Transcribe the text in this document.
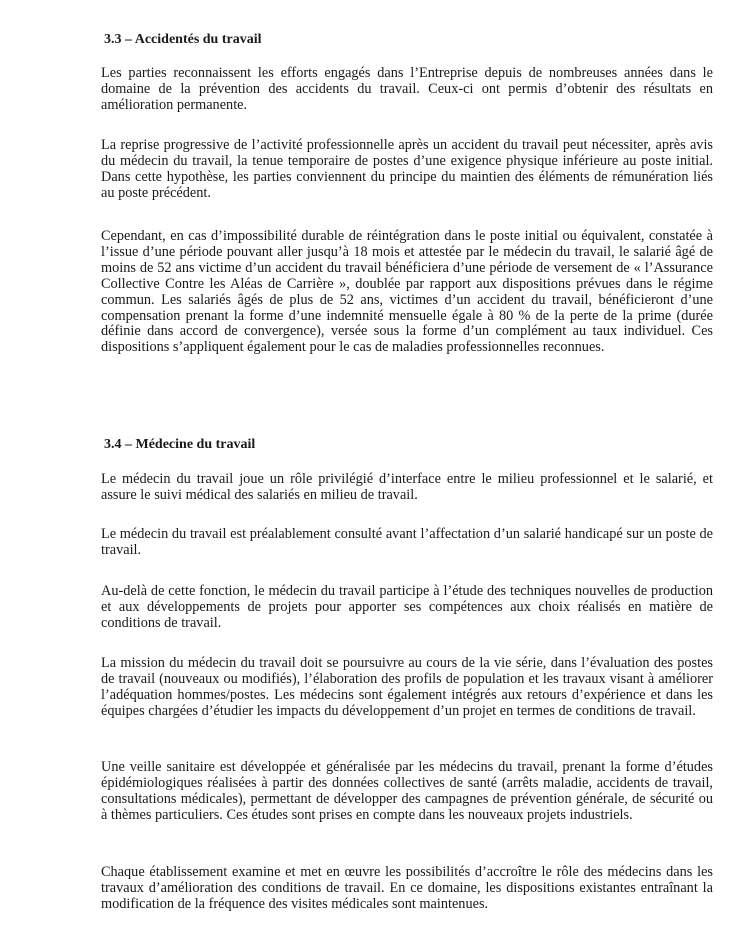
3.3 – Accidentés du travail

Les parties reconnaissent les efforts engagés dans l’Entreprise depuis de nombreuses années dans le domaine de la prévention des accidents du travail. Ceux-ci ont permis d’obtenir des résultats en amélioration permanente.

La reprise progressive de l’activité professionnelle après un accident du travail peut nécessiter, après avis du médecin du travail, la tenue temporaire de postes d’une exigence physique inférieure au poste initial. Dans cette hypothèse, les parties conviennent du principe du maintien des éléments de rémunération liés au poste précédent.

Cependant, en cas d’impossibilité durable de réintégration dans le poste initial ou équivalent, constatée à l’issue d’une période pouvant aller jusqu’à 18 mois et attestée par le médecin du travail, le salarié âgé de moins de 52 ans victime d’un accident du travail bénéficiera d’une période de versement de « l’Assurance Collective Contre les Aléas de Carrière », doublée par rapport aux dispositions prévues dans le régime commun. Les salariés âgés de plus de 52 ans, victimes d’un accident du travail, bénéficieront d’une compensation prenant la forme d’une indemnité mensuelle égale à 80 % de la perte de la prime (durée définie dans accord de convergence), versée sous la forme d’un complément au taux individuel. Ces dispositions s’appliquent également pour le cas de maladies professionnelles reconnues.

3.4 – Médecine du travail

Le médecin du travail joue un rôle privilégié d’interface entre le milieu professionnel et le salarié, et assure le suivi médical des salariés en milieu de travail.

Le médecin du travail est préalablement consulté avant l’affectation d’un salarié handicapé sur un poste de travail.

Au-delà de cette fonction, le médecin du travail participe à l’étude des techniques nouvelles de production et aux développements de projets pour apporter ses compétences aux choix réalisés en matière de conditions de travail.

La mission du médecin du travail doit se poursuivre au cours de la vie série, dans l’évaluation des postes de travail (nouveaux ou modifiés), l’élaboration des profils de population et les travaux visant à améliorer l’adéquation hommes/postes. Les médecins sont également intégrés aux retours d’expérience et dans les équipes chargées d’étudier les impacts du développement d’un projet en termes de conditions de travail.

Une veille sanitaire est développée et généralisée par les médecins du travail, prenant la forme d’études épidémiologiques réalisées à partir des données collectives de santé (arrêts maladie, accidents de travail, consultations médicales), permettant de développer des campagnes de prévention générale, de sécurité ou à thèmes particuliers. Ces études sont prises en compte dans les nouveaux projets industriels.

Chaque établissement examine et met en œuvre les possibilités d’accroître le rôle des médecins dans les travaux d’amélioration des conditions de travail. En ce domaine, les dispositions existantes entraînant la modification de la fréquence des visites médicales sont maintenues.
